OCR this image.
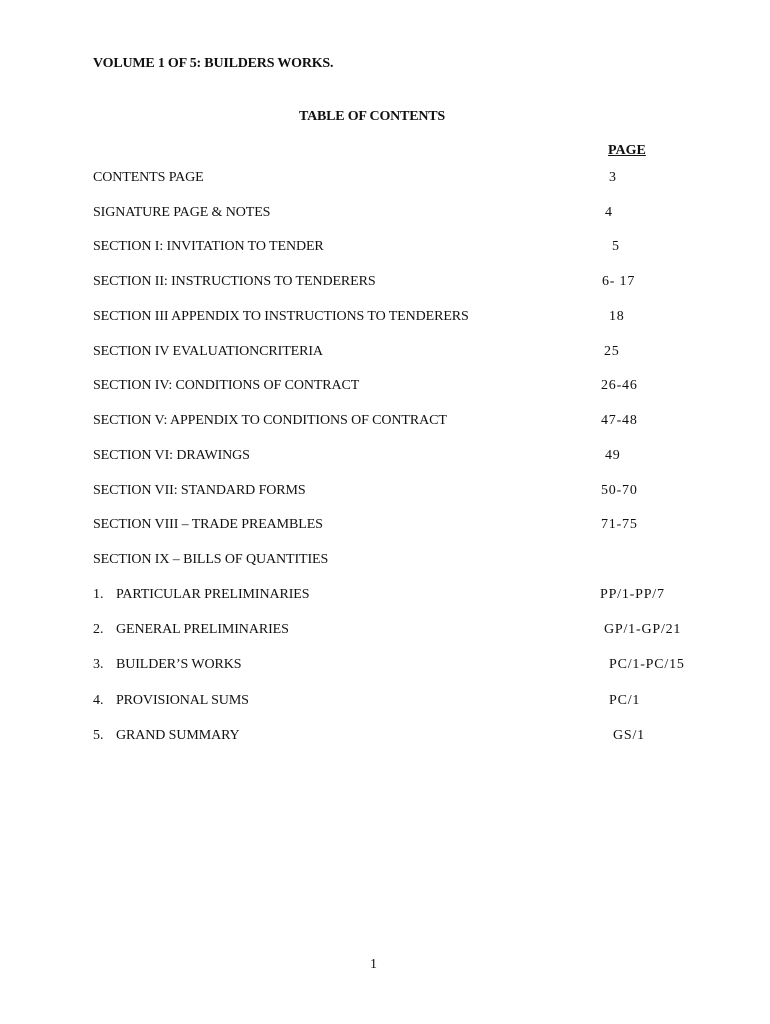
VOLUME 1 OF 5: BUILDERS WORKS.
TABLE OF CONTENTS
PAGE
CONTENTS PAGE	3
SIGNATURE PAGE & NOTES	4
SECTION I: INVITATION TO TENDER	5
SECTION II: INSTRUCTIONS TO TENDERERS	6- 17
SECTION III APPENDIX TO INSTRUCTIONS TO TENDERERS	18
SECTION IV EVALUATIONCRITERIA	25
SECTION IV: CONDITIONS OF CONTRACT	26-46
SECTION V: APPENDIX TO CONDITIONS OF CONTRACT	47-48
SECTION VI: DRAWINGS	49
SECTION VII: STANDARD FORMS	50-70
SECTION VIII – TRADE PREAMBLES	71-75
SECTION IX – BILLS OF QUANTITIES
1. PARTICULAR PRELIMINARIES	PP/1-PP/7
2. GENERAL PRELIMINARIES	GP/1-GP/21
3. BUILDER’S WORKS	PC/1-PC/15
4. PROVISIONAL SUMS	PC/1
5. GRAND SUMMARY	GS/1
1
